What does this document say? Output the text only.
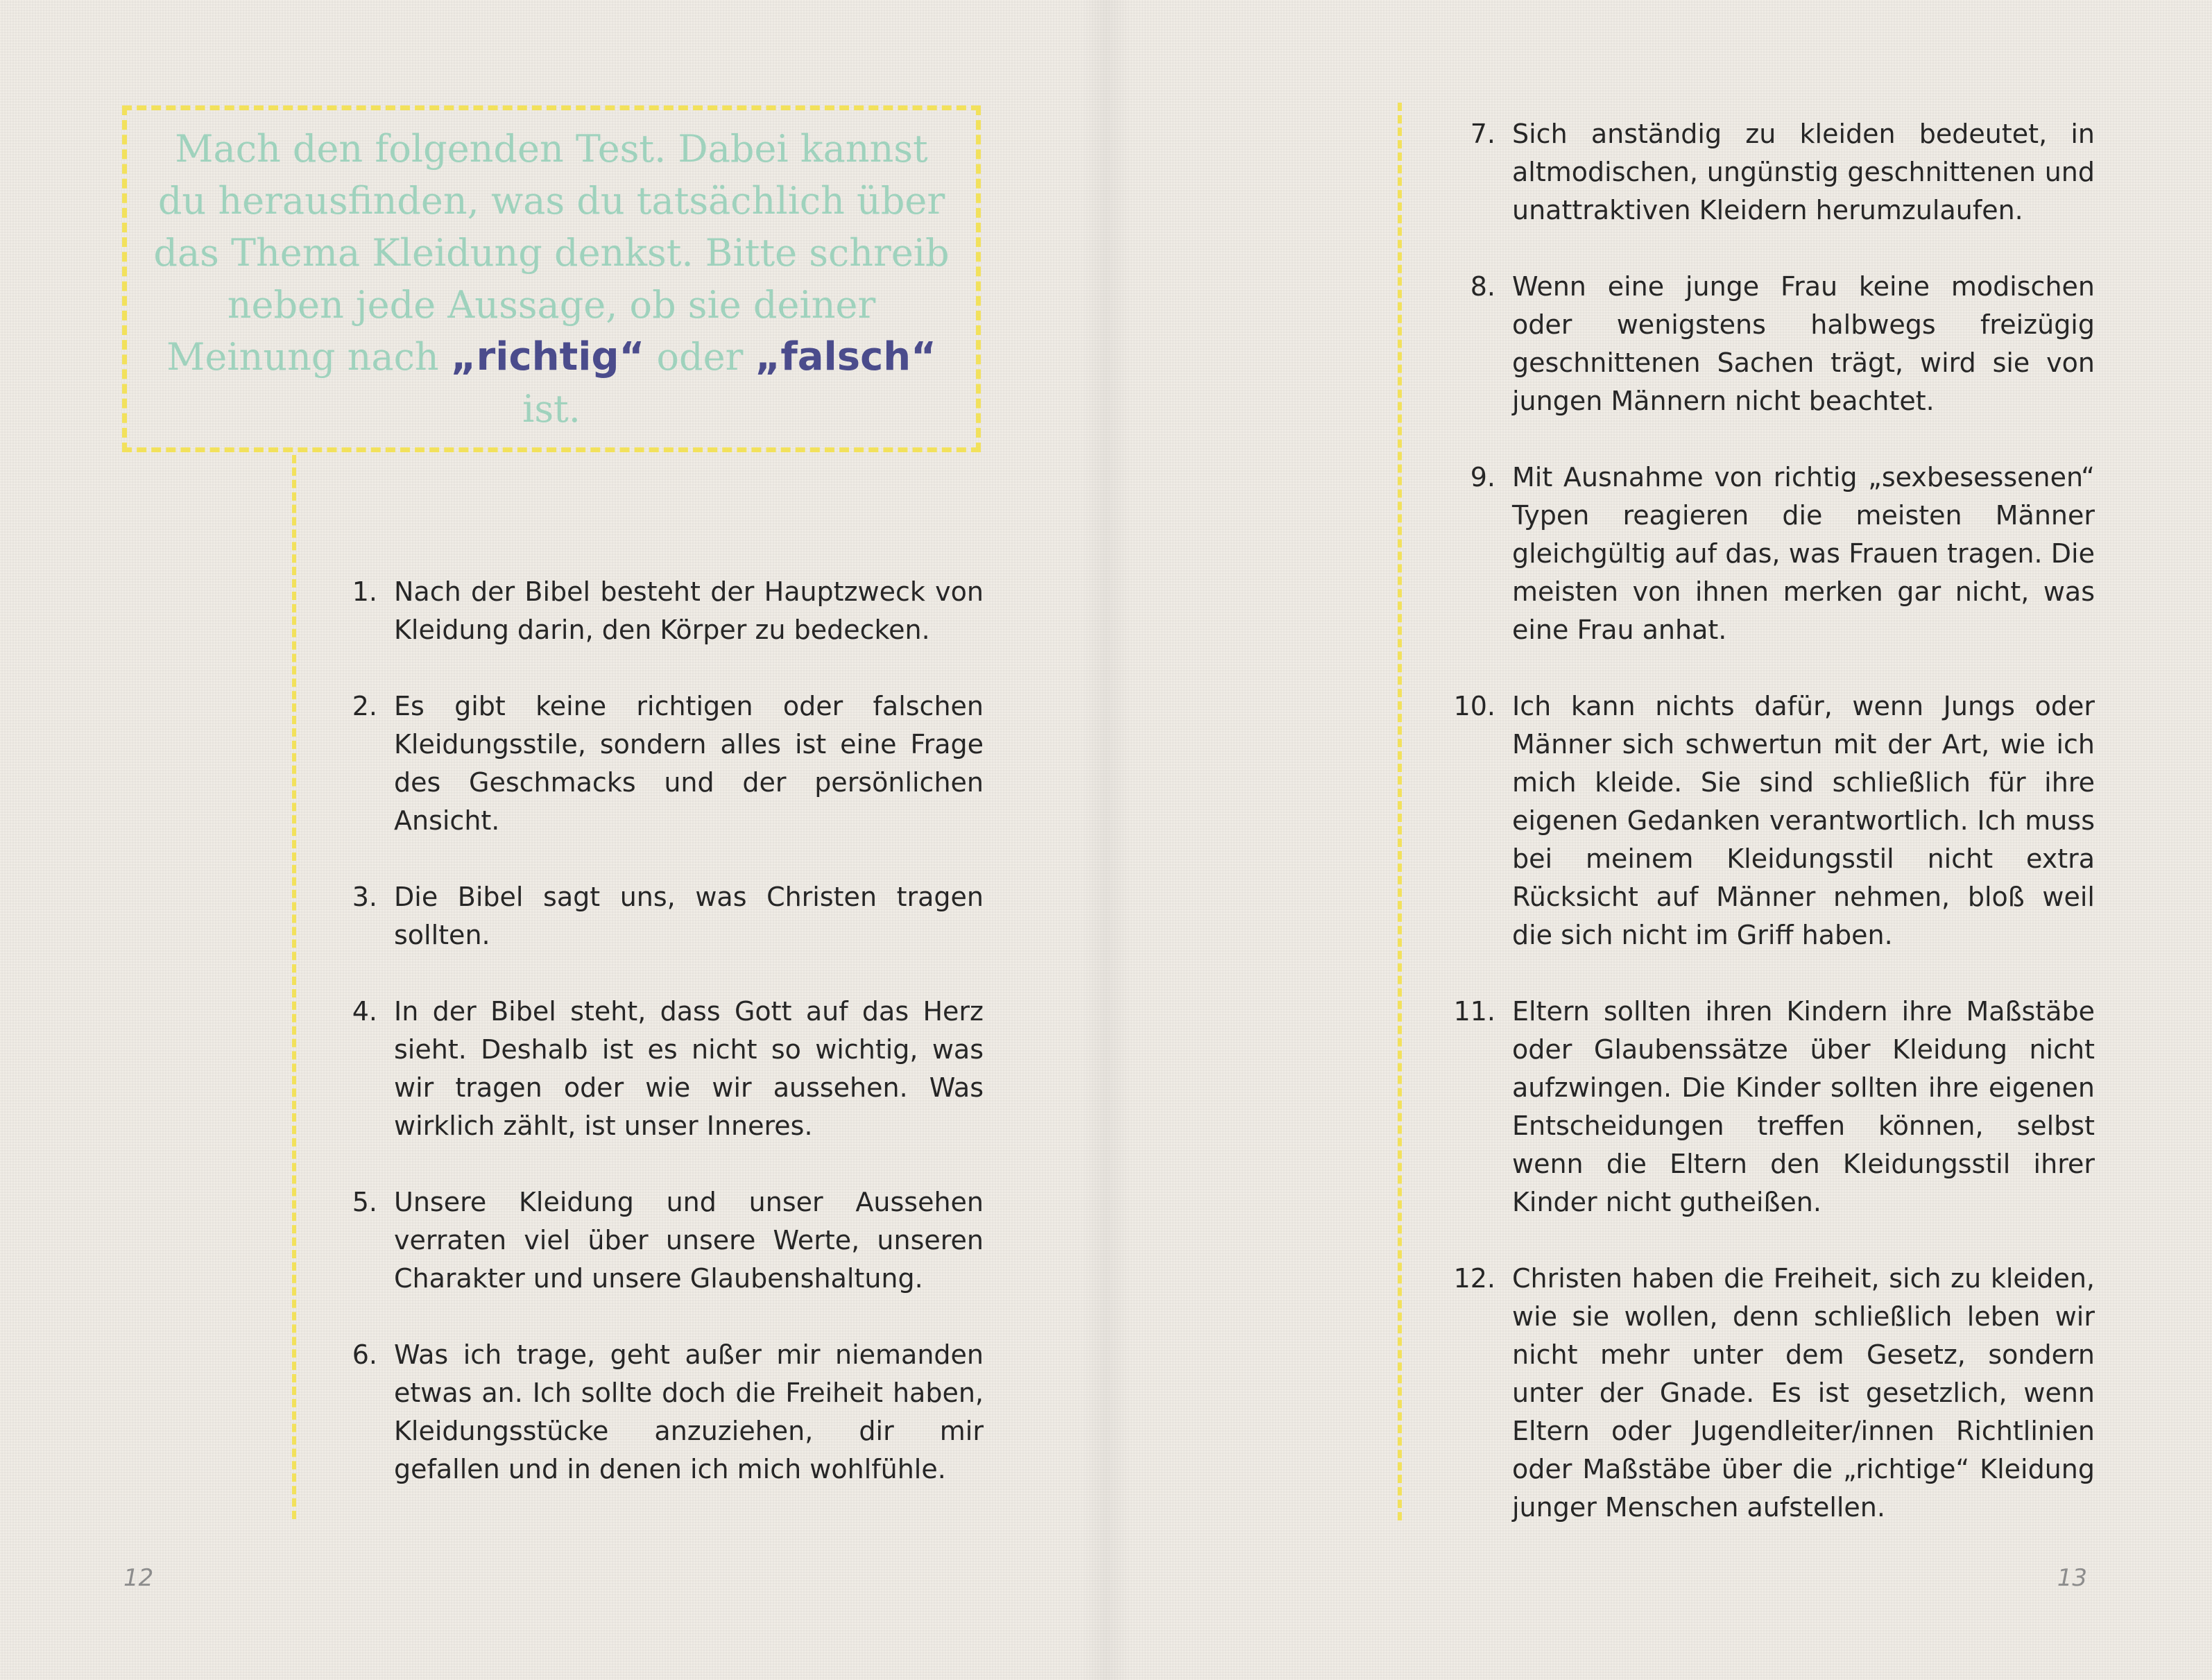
Mach den folgenden Test. Dabei kannst du herausfinden, was du tatsächlich über das Thema Kleidung denkst. Bitte schreib neben jede Aussage, ob sie deiner Meinung nach „richtig“ oder „falsch“ ist.

1. Nach der Bibel besteht der Hauptzweck von Kleidung darin, den Körper zu bedecken.
2. Es gibt keine richtigen oder falschen Kleidungsstile, sondern alles ist eine Frage des Geschmacks und der persönlichen Ansicht.
3. Die Bibel sagt uns, was Christen tragen sollten.
4. In der Bibel steht, dass Gott auf das Herz sieht. Deshalb ist es nicht so wichtig, was wir tragen oder wie wir aussehen. Was wirklich zählt, ist unser Inneres.
5. Unsere Kleidung und unser Aussehen verraten viel über unsere Werte, unseren Charakter und unsere Glaubenshaltung.
6. Was ich trage, geht außer mir niemanden etwas an. Ich sollte doch die Freiheit haben, Kleidungsstücke anzuziehen, dir mir gefallen und in denen ich mich wohlfühle.
12
7. Sich anständig zu kleiden bedeutet, in altmodischen, ungünstig geschnittenen und unattraktiven Kleidern herumzulaufen.
8. Wenn eine junge Frau keine modischen oder wenigstens halbwegs freizügig geschnittenen Sachen trägt, wird sie von jungen Männern nicht beachtet.
9. Mit Ausnahme von richtig „sexbesessenen“ Typen reagieren die meisten Männer gleichgültig auf das, was Frauen tragen. Die meisten von ihnen merken gar nicht, was eine Frau anhat.
10. Ich kann nichts dafür, wenn Jungs oder Männer sich schwertun mit der Art, wie ich mich kleide. Sie sind schließlich für ihre eigenen Gedanken verantwortlich. Ich muss bei meinem Kleidungsstil nicht extra Rücksicht auf Männer nehmen, bloß weil die sich nicht im Griff haben.
11. Eltern sollten ihren Kindern ihre Maßstäbe oder Glaubenssätze über Kleidung nicht aufzwingen. Die Kinder sollten ihre eigenen Entscheidungen treffen können, selbst wenn die Eltern den Kleidungsstil ihrer Kinder nicht gutheißen.
12. Christen haben die Freiheit, sich zu kleiden, wie sie wollen, denn schließlich leben wir nicht mehr unter dem Gesetz, sondern unter der Gnade. Es ist gesetzlich, wenn Eltern oder Jugendleiter/innen Richtlinien oder Maßstäbe über die „richtige“ Kleidung junger Menschen aufstellen.
13
